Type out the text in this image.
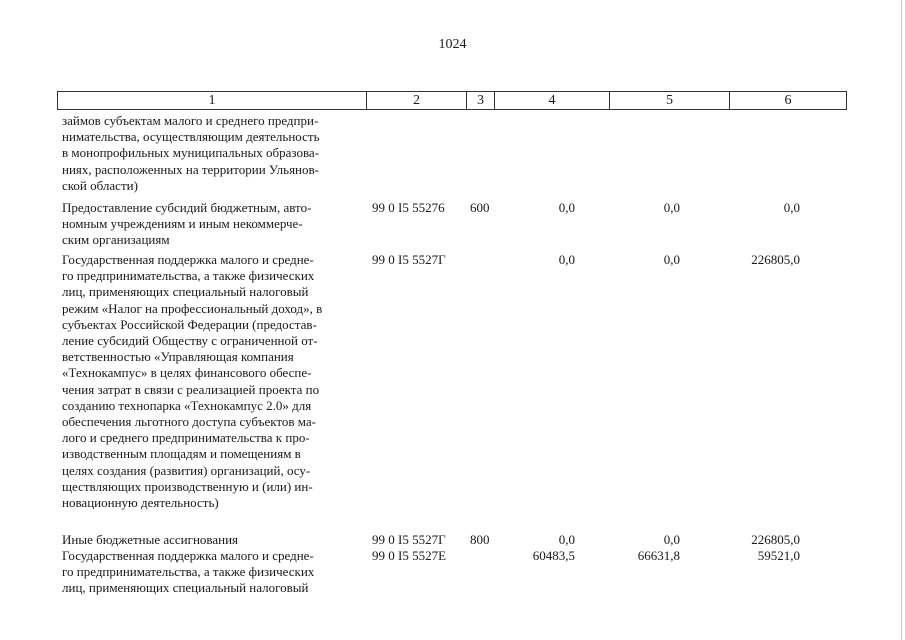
1024
1	2	3	4	5	6
займов субъектам малого и среднего предпри-
нимательства, осуществляющим деятельность
в монопрофильных муниципальных образова-
ниях, расположенных на территории Ульянов-
ской области)
Предоставление субсидий бюджетным, авто-
номным учреждениям и иным некоммерче-
ским организациям
99 0 I5 55276 600	0,0	0,0	0,0
Государственная поддержка малого и средне-
го предпринимательства, а также физических
лиц, применяющих специальный налоговый
режим «Налог на профессиональный доход», в
субъектах Российской Федерации (предостав-
ление субсидий Обществу с ограниченной от-
ветственностью «Управляющая компания
«Технокампус» в целях финансового обеспе-
чения затрат в связи с реализацией проекта по
созданию технопарка «Технокампус 2.0» для
обеспечения льготного доступа субъектов ма-
лого и среднего предпринимательства к про-
изводственным площадям и помещениям в
целях создания (развития) организаций, осу-
ществляющих производственную и (или) ин-
новационную деятельность)
99 0 I5 5527Г	0,0	0,0	226805,0
Иные бюджетные ассигнования	99 0 I5 5527Г 800	0,0	0,0	226805,0
Государственная поддержка малого и средне-
го предпринимательства, а также физических
лиц, применяющих специальный налоговый
99 0 I5 5527Е	60483,5	66631,8	59521,0
